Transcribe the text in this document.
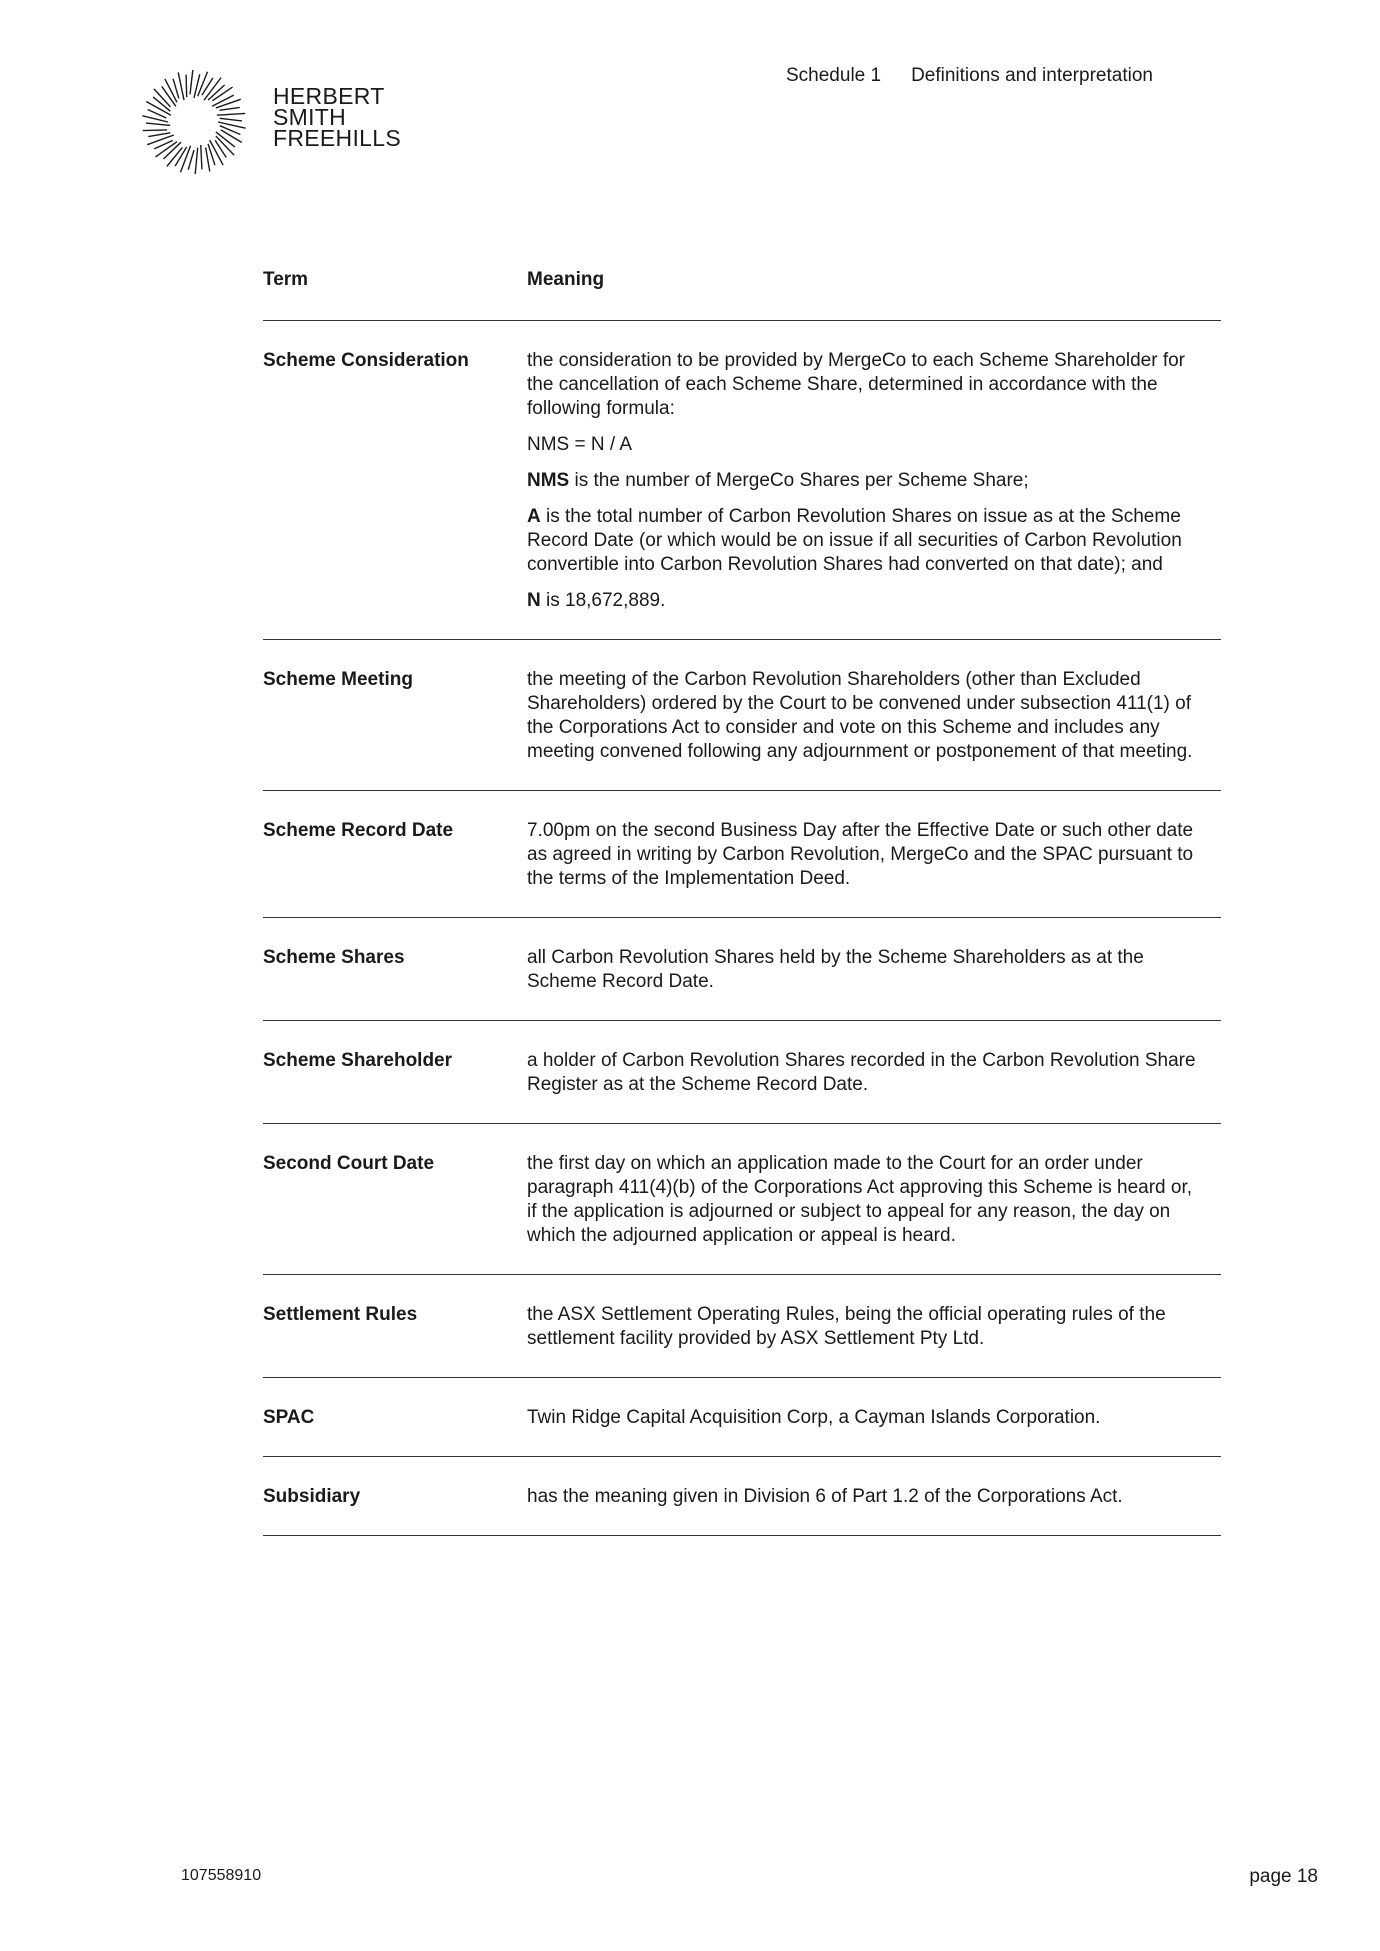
HERBERT
SMITH
FREEHILLS
Schedule 1 Definitions and interpretation
Term	Meaning
Scheme Consideration	the consideration to be provided by MergeCo to each Scheme Shareholder for the cancellation of each Scheme Share, determined in accordance with the following formula:

NMS = N / A

NMS is the number of MergeCo Shares per Scheme Share;

A is the total number of Carbon Revolution Shares on issue as at the Scheme Record Date (or which would be on issue if all securities of Carbon Revolution convertible into Carbon Revolution Shares had converted on that date); and

N is 18,672,889.

Scheme Meeting	the meeting of the Carbon Revolution Shareholders (other than Excluded Shareholders) ordered by the Court to be convened under subsection 411(1) of the Corporations Act to consider and vote on this Scheme and includes any meeting convened following any adjournment or postponement of that meeting.

Scheme Record Date	7.00pm on the second Business Day after the Effective Date or such other date as agreed in writing by Carbon Revolution, MergeCo and the SPAC pursuant to the terms of the Implementation Deed.

Scheme Shares	all Carbon Revolution Shares held by the Scheme Shareholders as at the Scheme Record Date.

Scheme Shareholder	a holder of Carbon Revolution Shares recorded in the Carbon Revolution Share Register as at the Scheme Record Date.

Second Court Date	the first day on which an application made to the Court for an order under paragraph 411(4)(b) of the Corporations Act approving this Scheme is heard or, if the application is adjourned or subject to appeal for any reason, the day on which the adjourned application or appeal is heard.

Settlement Rules	the ASX Settlement Operating Rules, being the official operating rules of the settlement facility provided by ASX Settlement Pty Ltd.

SPAC	Twin Ridge Capital Acquisition Corp, a Cayman Islands Corporation.

Subsidiary	has the meaning given in Division 6 of Part 1.2 of the Corporations Act.

107558910	page 18
